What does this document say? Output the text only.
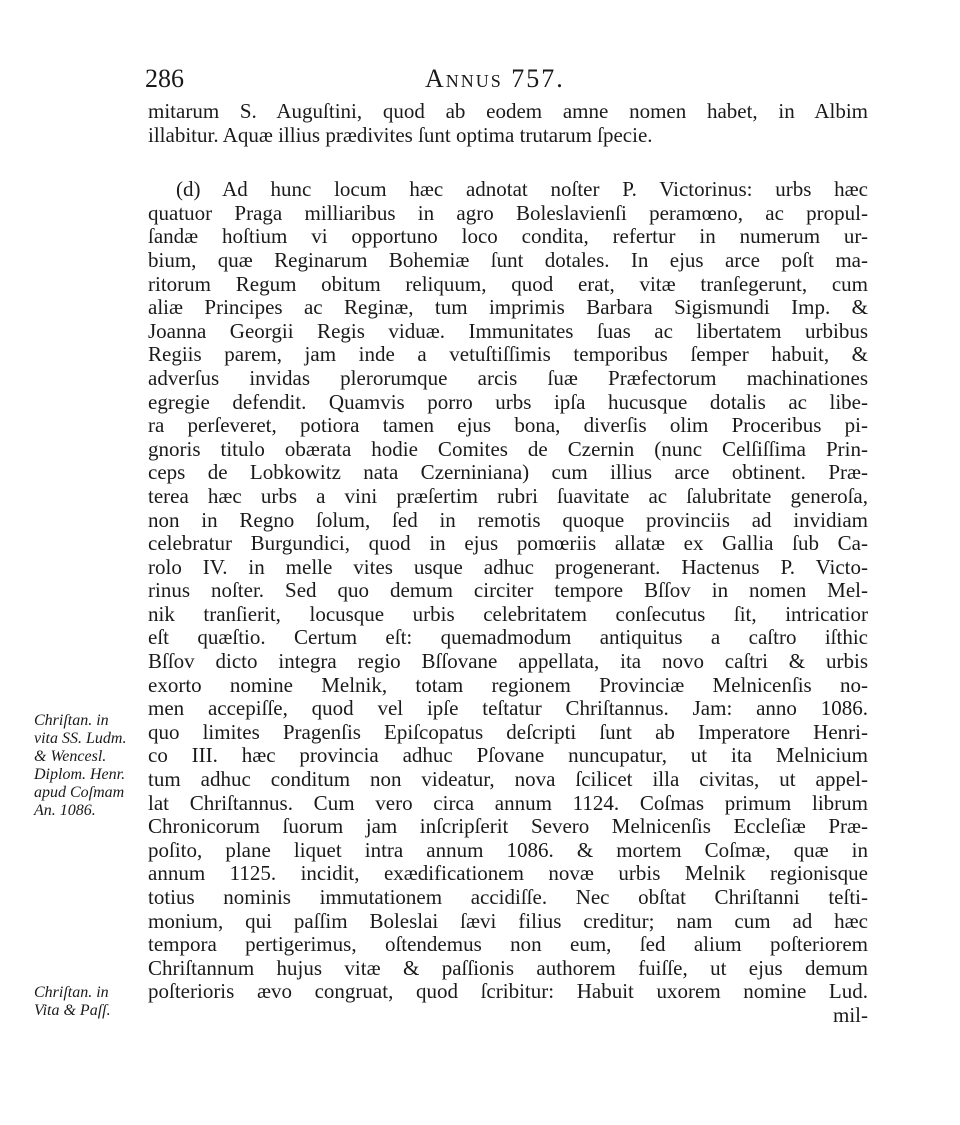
286	Annus 757.
mitarum S. Auguſtini, quod ab eodem amne nomen habet, in Albim
illabitur. Aquæ illius prædivites ſunt optima trutarum ſpecie.
(d) Ad hunc locum hæc adnotat noſter P. Victorinus: urbs hæc
quatuor Praga milliaribus in agro Boleslavienſi peramœno, ac propul-
ſandæ hoſtium vi opportuno loco condita, refertur in numerum ur-
bium, quæ Reginarum Bohemiæ ſunt dotales. In ejus arce poſt ma-
ritorum Regum obitum reliquum, quod erat, vitæ tranſegerunt, cum
aliæ Principes ac Reginæ, tum imprimis Barbara Sigismundi Imp. &
Joanna Georgii Regis viduæ. Immunitates ſuas ac libertatem urbibus
Regiis parem, jam inde a vetuſtiſſimis temporibus ſemper habuit, &
adverſus invidas plerorumque arcis ſuæ Præfectorum machinationes
egregie defendit. Quamvis porro urbs ipſa hucusque dotalis ac libe-
ra perſeveret, potiora tamen ejus bona, diverſis olim Proceribus pi-
gnoris titulo obærata hodie Comites de Czernin (nunc Celſiſſima Prin-
ceps de Lobkowitz nata Czerniniana) cum illius arce obtinent. Præ-
terea hæc urbs a vini præſertim rubri ſuavitate ac ſalubritate generoſa,
non in Regno ſolum, ſed in remotis quoque provinciis ad invidiam
celebratur Burgundici, quod in ejus pomœriis allatæ ex Gallia ſub Ca-
rolo IV. in melle vites usque adhuc progenerant. Hactenus P. Victo-
rinus noſter. Sed quo demum circiter tempore Bſſov in nomen Mel-
nik tranſierit, locusque urbis celebritatem conſecutus ſit, intricatior
eſt quæſtio. Certum eſt: quemadmodum antiquitus a caſtro iſthic
Bſſov dicto integra regio Bſſovane appellata, ita novo caſtri & urbis
exorto nomine Melnik, totam regionem Provinciæ Melnicenſis no-
men accepiſſe, quod vel ipſe teſtatur Chriſtannus. Jam: anno 1086.
quo limites Pragenſis Epiſcopatus deſcripti ſunt ab Imperatore Henri-
co III. hæc provincia adhuc Pſovane nuncupatur, ut ita Melnicium
tum adhuc conditum non videatur, nova ſcilicet illa civitas, ut appel-
lat Chriſtannus. Cum vero circa annum 1124. Coſmas primum librum
Chronicorum ſuorum jam inſcripſerit Severo Melnicenſis Eccleſiæ Præ-
poſito, plane liquet intra annum 1086. & mortem Coſmæ, quæ in
annum 1125. incidit, exædificationem novæ urbis Melnik regionisque
totius nominis immutationem accidiſſe. Nec obſtat Chriſtanni teſti-
monium, qui paſſim Boleslai ſævi filius creditur; nam cum ad hæc
tempora pertigerimus, oſtendemus non eum, ſed alium poſteriorem
Chriſtannum hujus vitæ & paſſionis authorem fuiſſe, ut ejus demum
poſterioris ævo congruat, quod ſcribitur: Habuit uxorem nomine Lud.
mil-
Chriſtan. in
vita SS. Ludm.
& Wencesl.
Diplom. Henr.
apud Coſmam
An. 1086.
Chriſtan. in
Vita & Paſſ.
